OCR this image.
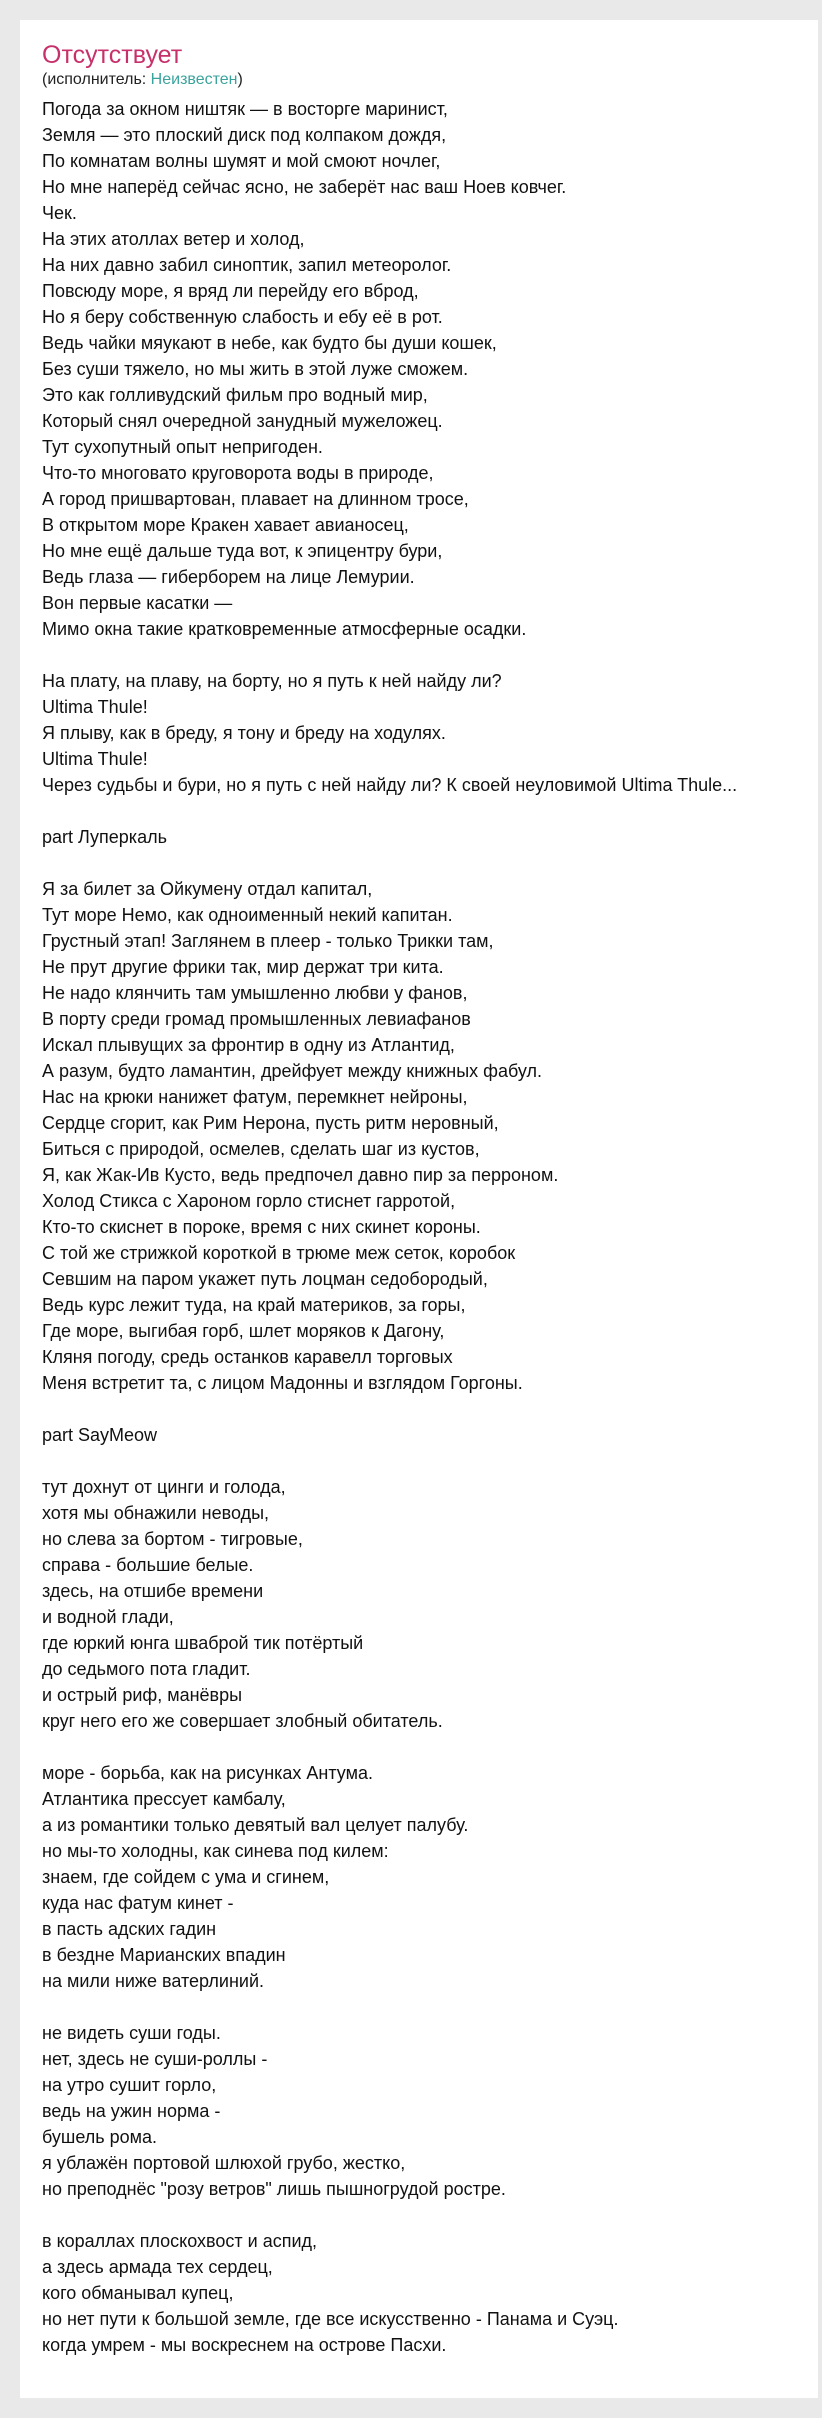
Отсутствует
(исполнитель: Неизвестен)
Погода за окном ништяк — в восторге маринист,
Земля — это плоский диск под колпаком дождя,
По комнатам волны шумят и мой смоют ночлег,
Но мне наперёд сейчас ясно, не заберёт нас ваш Ноев ковчег.
Чек.
На этих атоллах ветер и холод,
На них давно забил синоптик, запил метеоролог.
Повсюду море, я вряд ли перейду его вброд,
Но я беру собственную слабость и ебу её в рот.
Ведь чайки мяукают в небе, как будто бы души кошек,
Без суши тяжело, но мы жить в этой луже сможем.
Это как голливудский фильм про водный мир,
Который снял очередной занудный мужеложец.
Тут сухопутный опыт непригоден.
Что-то многовато круговорота воды в природе,
А город пришвартован, плавает на длинном тросе,
В открытом море Кракен хавает авианосец,
Но мне ещё дальше туда вот, к эпицентру бури,
Ведь глаза — гиберборем на лице Лемурии.
Вон первые касатки —
Мимо окна такие кратковременные атмосферные осадки.
На плату, на плаву, на борту, но я путь к ней найду ли?
Ultima Thule!
Я плыву, как в бреду, я тону и бреду на ходулях.
Ultima Thule!
Через судьбы и бури, но я путь с ней найду ли? К своей неуловимой Ultima Thule...
part Луперкаль
Я за билет за Ойкумену отдал капитал,
Тут море Немо, как одноименный некий капитан.
Грустный этап! Заглянем в плеер - только Трикки там,
Не прут другие фрики так, мир держат три кита.
Не надо клянчить там умышленно любви у фанов,
В порту среди громад промышленных левиафанов
Искал плывущих за фронтир в одну из Атлантид,
А разум, будто ламантин, дрейфует между книжных фабул.
Нас на крюки нанижет фатум, перемкнет нейроны,
Сердце сгорит, как Рим Нерона, пусть ритм неровный,
Биться с природой, осмелев, сделать шаг из кустов,
Я, как Жак-Ив Кусто, ведь предпочел давно пир за перроном.
Холод Стикса с Хароном горло стиснет гарротой,
Кто-то скиснет в пороке, время с них скинет короны.
С той же стрижкой короткой в трюме меж сеток, коробок
Севшим на паром укажет путь лоцман седобородый,
Ведь курс лежит туда, на край материков, за горы,
Где море, выгибая горб, шлет моряков к Дагону,
Кляня погоду, средь останков каравелл торговых
Меня встретит та, с лицом Мадонны и взглядом Горгоны.
part SayMeow
тут дохнут от цинги и голода,
хотя мы обнажили неводы,
но слева за бортом - тигровые,
справа - большие белые.
здесь, на отшибе времени
и водной глади,
где юркий юнга шваброй тик потёртый
до седьмого пота гладит.
и острый риф, манёвры
круг него его же совершает злобный обитатель.
море - борьба, как на рисунках Антума.
Атлантика прессует камбалу,
а из романтики только девятый вал целует палубу.
но мы-то холодны, как синева под килем:
знаем, где сойдем с ума и сгинем,
куда нас фатум кинет -
в пасть адских гадин
в бездне Марианских впадин
на мили ниже ватерлиний.
не видеть суши годы.
нет, здесь не суши-роллы -
на утро сушит горло,
ведь на ужин норма -
бушель рома.
я ублажён портовой шлюхой грубо, жестко,
но преподнёс "розу ветров" лишь пышногрудой ростре.
в кораллах плоскохвост и аспид,
а здесь армада тех сердец,
кого обманывал купец,
но нет пути к большой земле, где все искусственно - Панама и Суэц.
когда умрем - мы воскреснем на острове Пасхи.
